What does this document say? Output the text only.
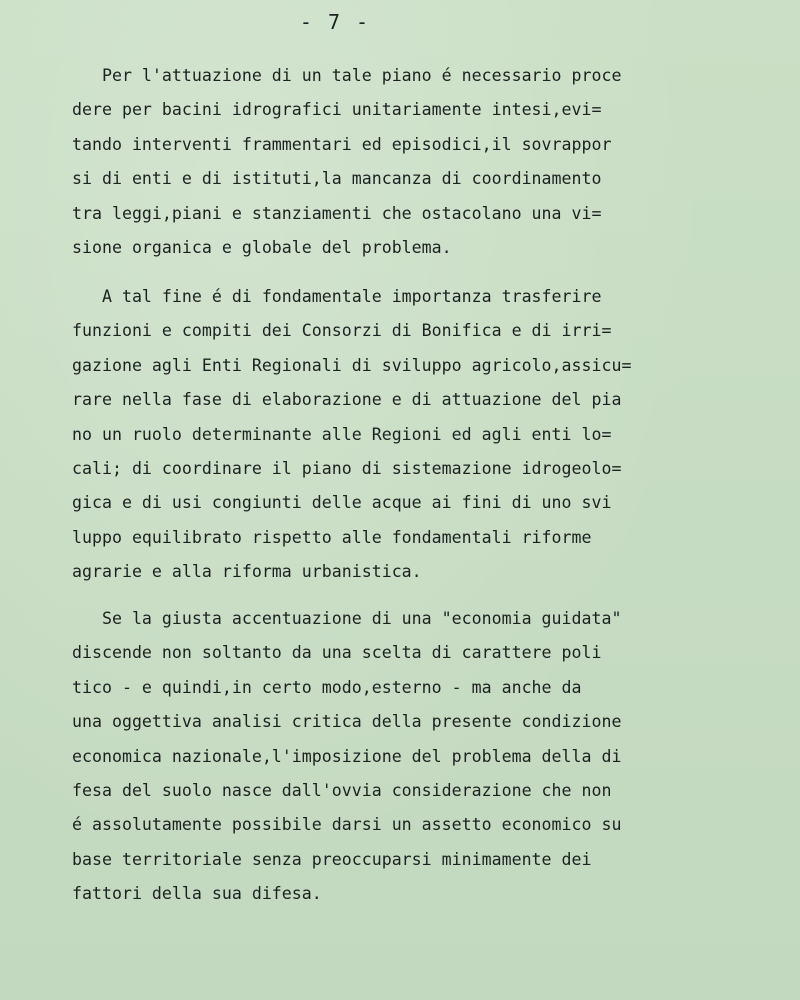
- 7 -
Per l'attuazione di un tale piano é necessario proce
dere per bacini idrografici unitariamente intesi,evi=
tando interventi frammentari ed episodici,il sovrappor
si di enti e di istituti,la mancanza di coordinamento
tra leggi,piani e stanziamenti che ostacolano una vi=
sione organica e globale del problema.
A tal fine é di fondamentale importanza trasferire
funzioni e compiti dei Consorzi di Bonifica e di irri=
gazione agli Enti Regionali di sviluppo agricolo,assicu=
rare nella fase di elaborazione e di attuazione del pia
no un ruolo determinante alle Regioni ed agli enti lo=
cali; di coordinare il piano di sistemazione idrogeolo=
gica e di usi congiunti delle acque ai fini di uno svi
luppo equilibrato rispetto alle fondamentali riforme
agrarie e alla riforma urbanistica.
Se la giusta accentuazione di una "economia guidata"
discende non soltanto da una scelta di carattere poli
tico - e quindi,in certo modo,esterno - ma anche da
una oggettiva analisi critica della presente condizione
economica nazionale,l'imposizione del problema della di
fesa del suolo nasce dall'ovvia considerazione che non
é assolutamente possibile darsi un assetto economico su
base territoriale senza preoccuparsi minimamente dei
fattori della sua difesa.
